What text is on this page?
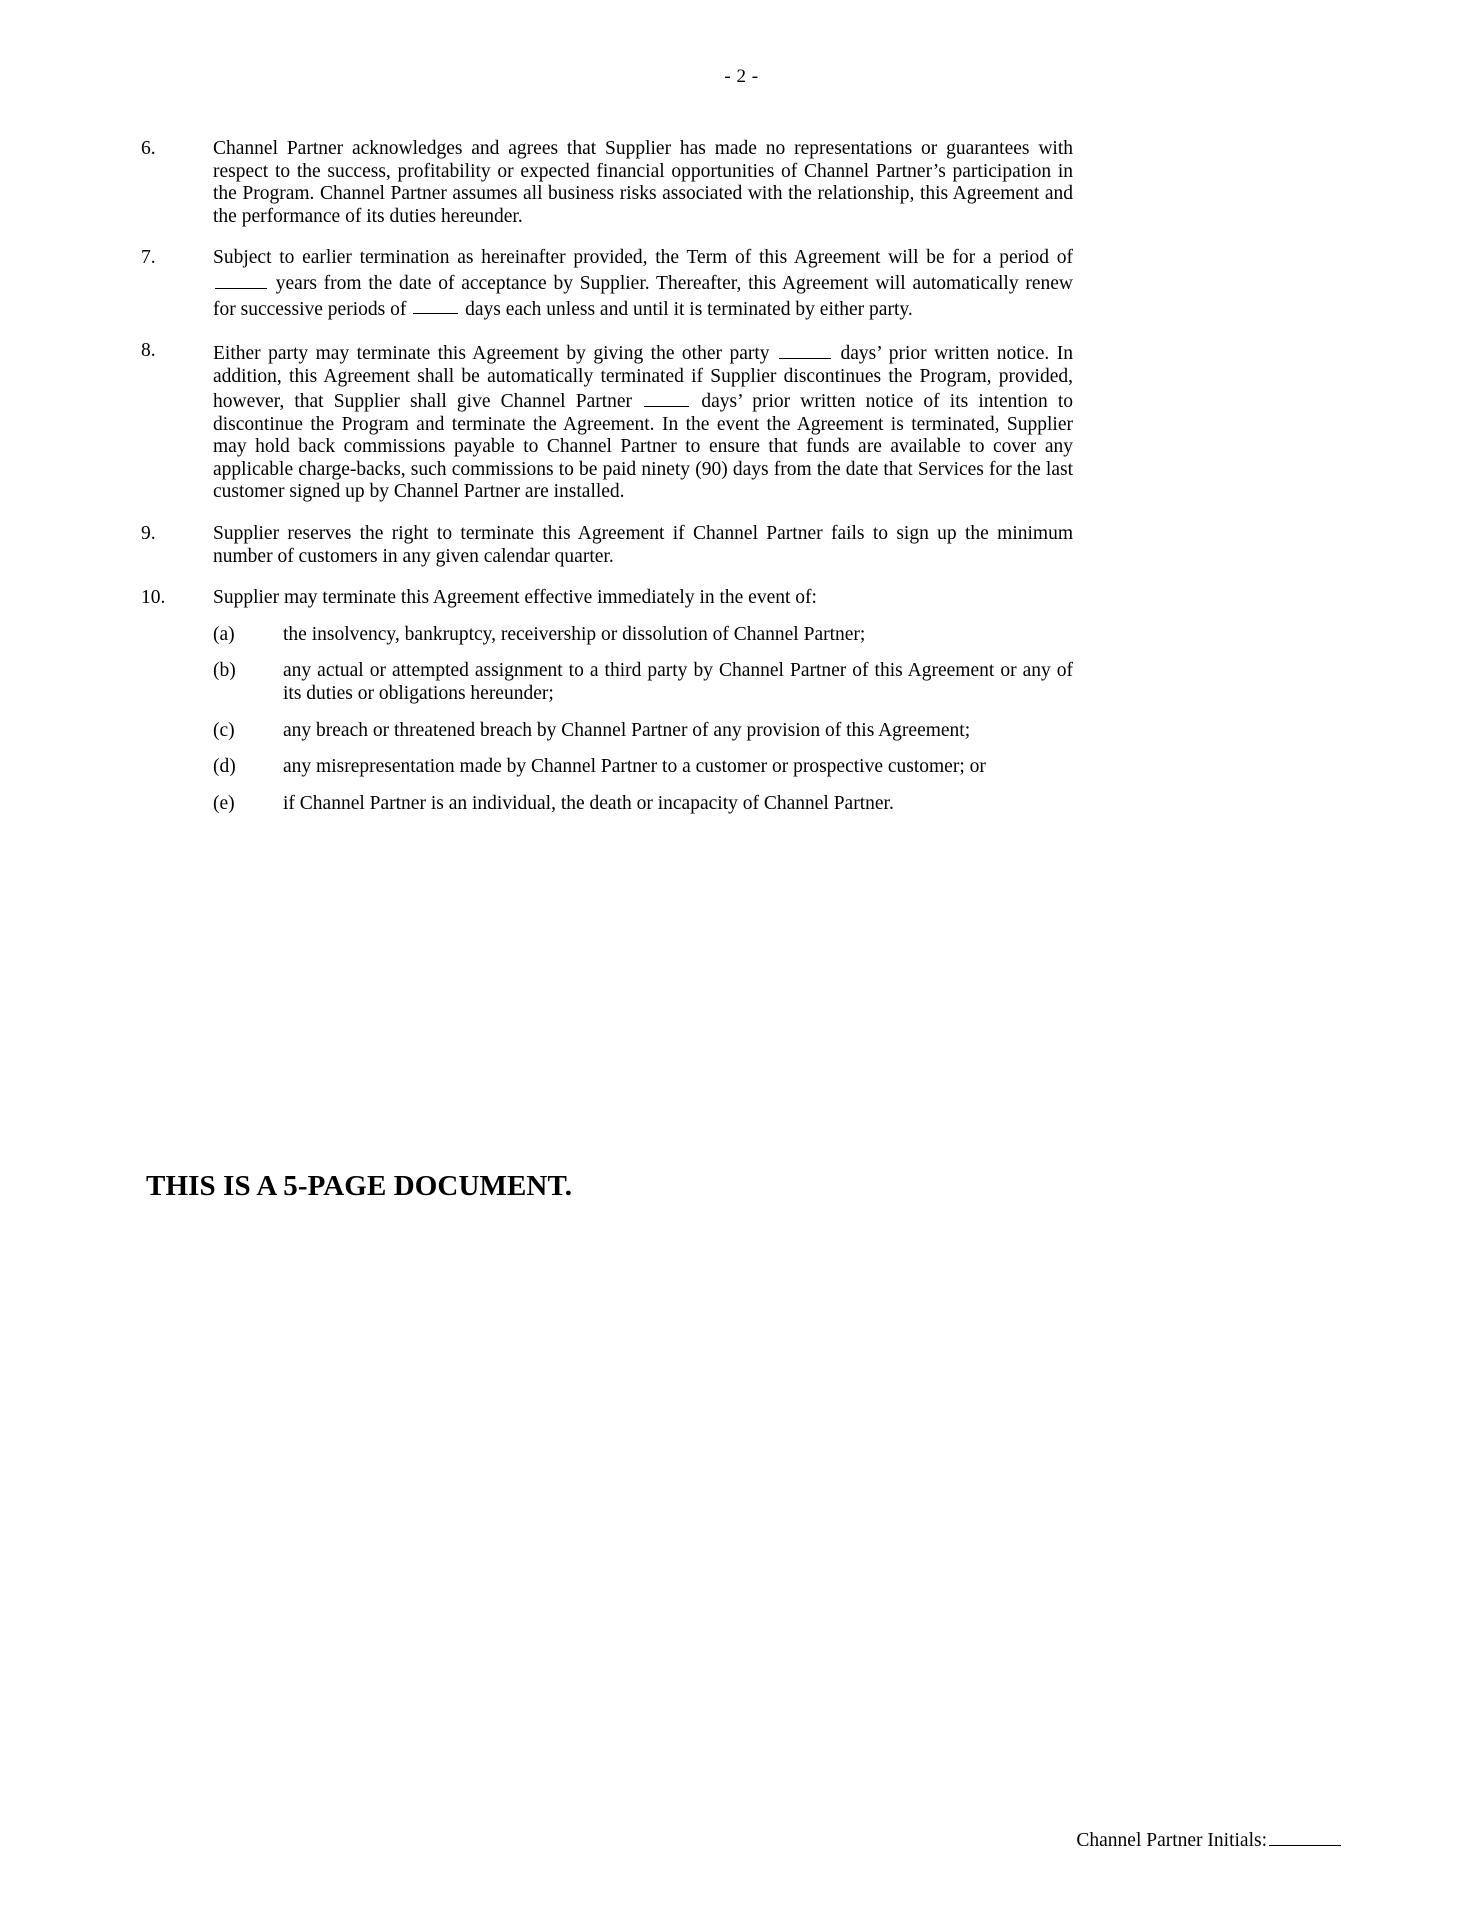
- 2 -
6.	Channel Partner acknowledges and agrees that Supplier has made no representations or guarantees with respect to the success, profitability or expected financial opportunities of Channel Partner’s participation in the Program. Channel Partner assumes all business risks associated with the relationship, this Agreement and the performance of its duties hereunder.
7.	Subject to earlier termination as hereinafter provided, the Term of this Agreement will be for a period of  years from the date of acceptance by Supplier. Thereafter, this Agreement will automatically renew for successive periods of	days each unless and until it is terminated by either party.
8.	Either party may terminate this Agreement by giving the other party	days’ prior written notice. In addition, this Agreement shall be automatically terminated if Supplier discontinues the Program, provided, however, that Supplier shall give Channel Partner	days’ prior written notice of its intention to discontinue the Program and terminate the Agreement. In the event the Agreement is terminated, Supplier may hold back commissions payable to Channel Partner to ensure that funds are available to cover any applicable charge-backs, such commissions to be paid ninety (90) days from the date that Services for the last customer signed up by Channel Partner are installed.
9.	Supplier reserves the right to terminate this Agreement if Channel Partner fails to sign up the minimum number of customers in any given calendar quarter.
10.	Supplier may terminate this Agreement effective immediately in the event of:
(a)	the insolvency, bankruptcy, receivership or dissolution of Channel Partner;
(b)	any actual or attempted assignment to a third party by Channel Partner of this Agreement or any of its duties or obligations hereunder;
(c)	any breach or threatened breach by Channel Partner of any provision of this Agreement;
(d)	any misrepresentation made by Channel Partner to a customer or prospective customer; or
(e)	if Channel Partner is an individual, the death or incapacity of Channel Partner.
THIS IS A 5-PAGE DOCUMENT.
Channel Partner Initials:
